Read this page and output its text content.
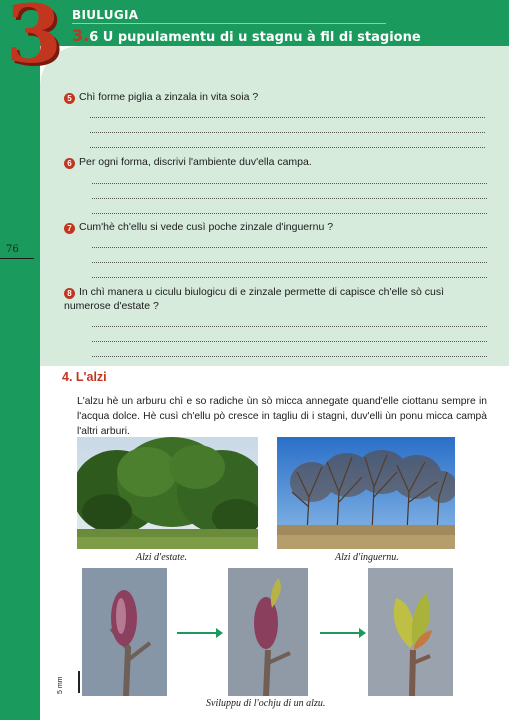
3 BIULUGIA
3.6 U pupulamentu di u stagnu à fil di stagione
76
5 Chì forme piglia a zinzala in vita soia ?
6 Per ogni forma, discrivi l'ambiente duv'ella campa.
7 Cum'hè ch'ellu si vede cusì poche zinzale d'inguernu ?
8 In chì manera u ciculu biulogicu di e zinzale permette di capisce ch'elle sò cusì numerose d'estate ?
4. L'alzi
L'alzu hè un arburu chì e so radiche ùn sò micca annegate quand'elle ciottanu sempre in l'acqua dolce. Hè cusì ch'ellu pò cresce in tagliu di i stagni, duv'elli ùn ponu micca campà l'altri arburi.
Alzi d'estate.	Alzi d'inguernu.
5 mm
Sviluppu di l'ochju di un alzu.
